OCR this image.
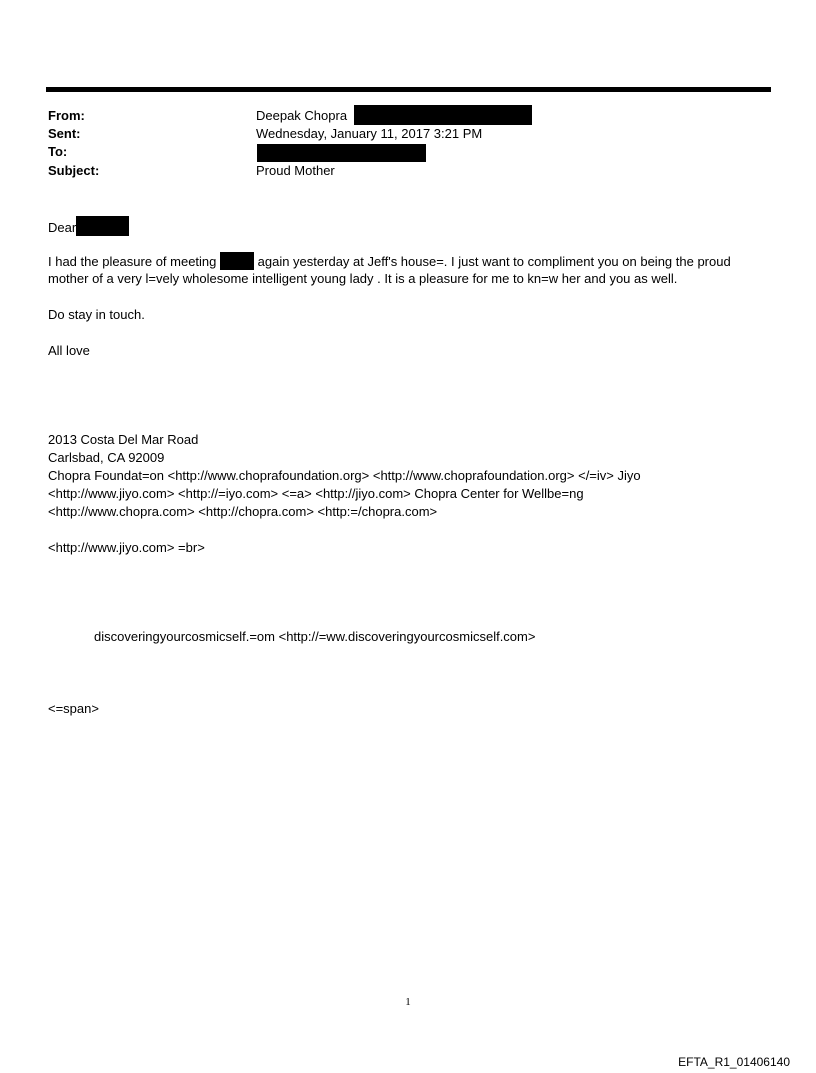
From:	Deepak Chopra
Sent:	Wednesday, January 11, 2017 3:21 PM
To:
Subject:	Proud Mother
Dear
I had the pleasure of meeting	again yesterday at Jeff's house=. I just want to compliment you on being the proud
mother of a very l=vely wholesome intelligent young lady . It is a pleasure for me to kn=w her and you as well.
Do stay in touch.
All love
2013 Costa Del Mar Road
Carlsbad, CA 92009
Chopra Foundat=on <http://www.choprafoundation.org> <http://www.choprafoundation.org> </=iv> Jiyo
<http://www.jiyo.com> <http://=iyo.com> <=a> <http://jiyo.com> Chopra Center for Wellbe=ng
<http://www.chopra.com> <http://chopra.com> <http:=/chopra.com>
<http://www.jiyo.com> =br>
discoveringyourcosmicself.=om <http://=ww.discoveringyourcosmicself.com>
<=span>
1
EFTA_R1_01406140
